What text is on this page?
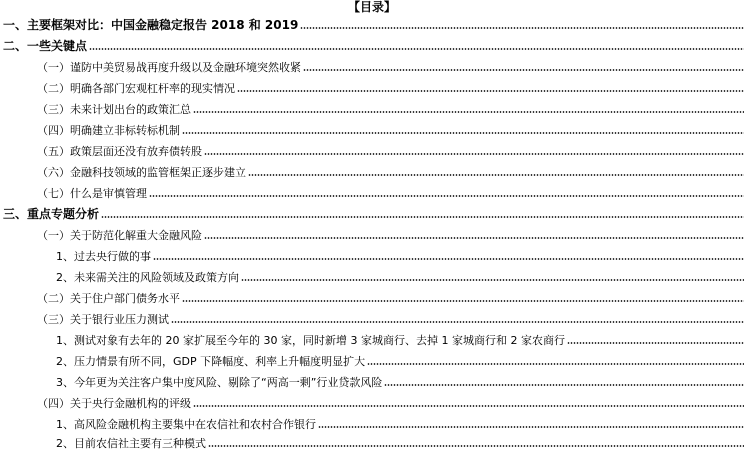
【目录】
一、主要框架对比：中国金融稳定报告 2018 和 2019
二、一些关键点
（一）谨防中美贸易战再度升级以及金融环境突然收紧
（二）明确各部门宏观杠杆率的现实情况
（三）未来计划出台的政策汇总
（四）明确建立非标转标机制
（五）政策层面还没有放弃债转股
（六）金融科技领域的监管框架正逐步建立
（七）什么是审慎管理
三、重点专题分析
（一）关于防范化解重大金融风险
1、过去央行做的事
2、未来需关注的风险领域及政策方向
（二）关于住户部门债务水平
（三）关于银行业压力测试
1、测试对象有去年的 20 家扩展至今年的 30 家，同时新增 3 家城商行、去掉 1 家城商行和 2 家农商行
2、压力情景有所不同，GDP 下降幅度、利率上升幅度明显扩大
3、今年更为关注客户集中度风险、剔除了“两高一剩”行业贷款风险
（四）关于央行金融机构的评级
1、高风险金融机构主要集中在农信社和农村合作银行
2、目前农信社主要有三种模式
